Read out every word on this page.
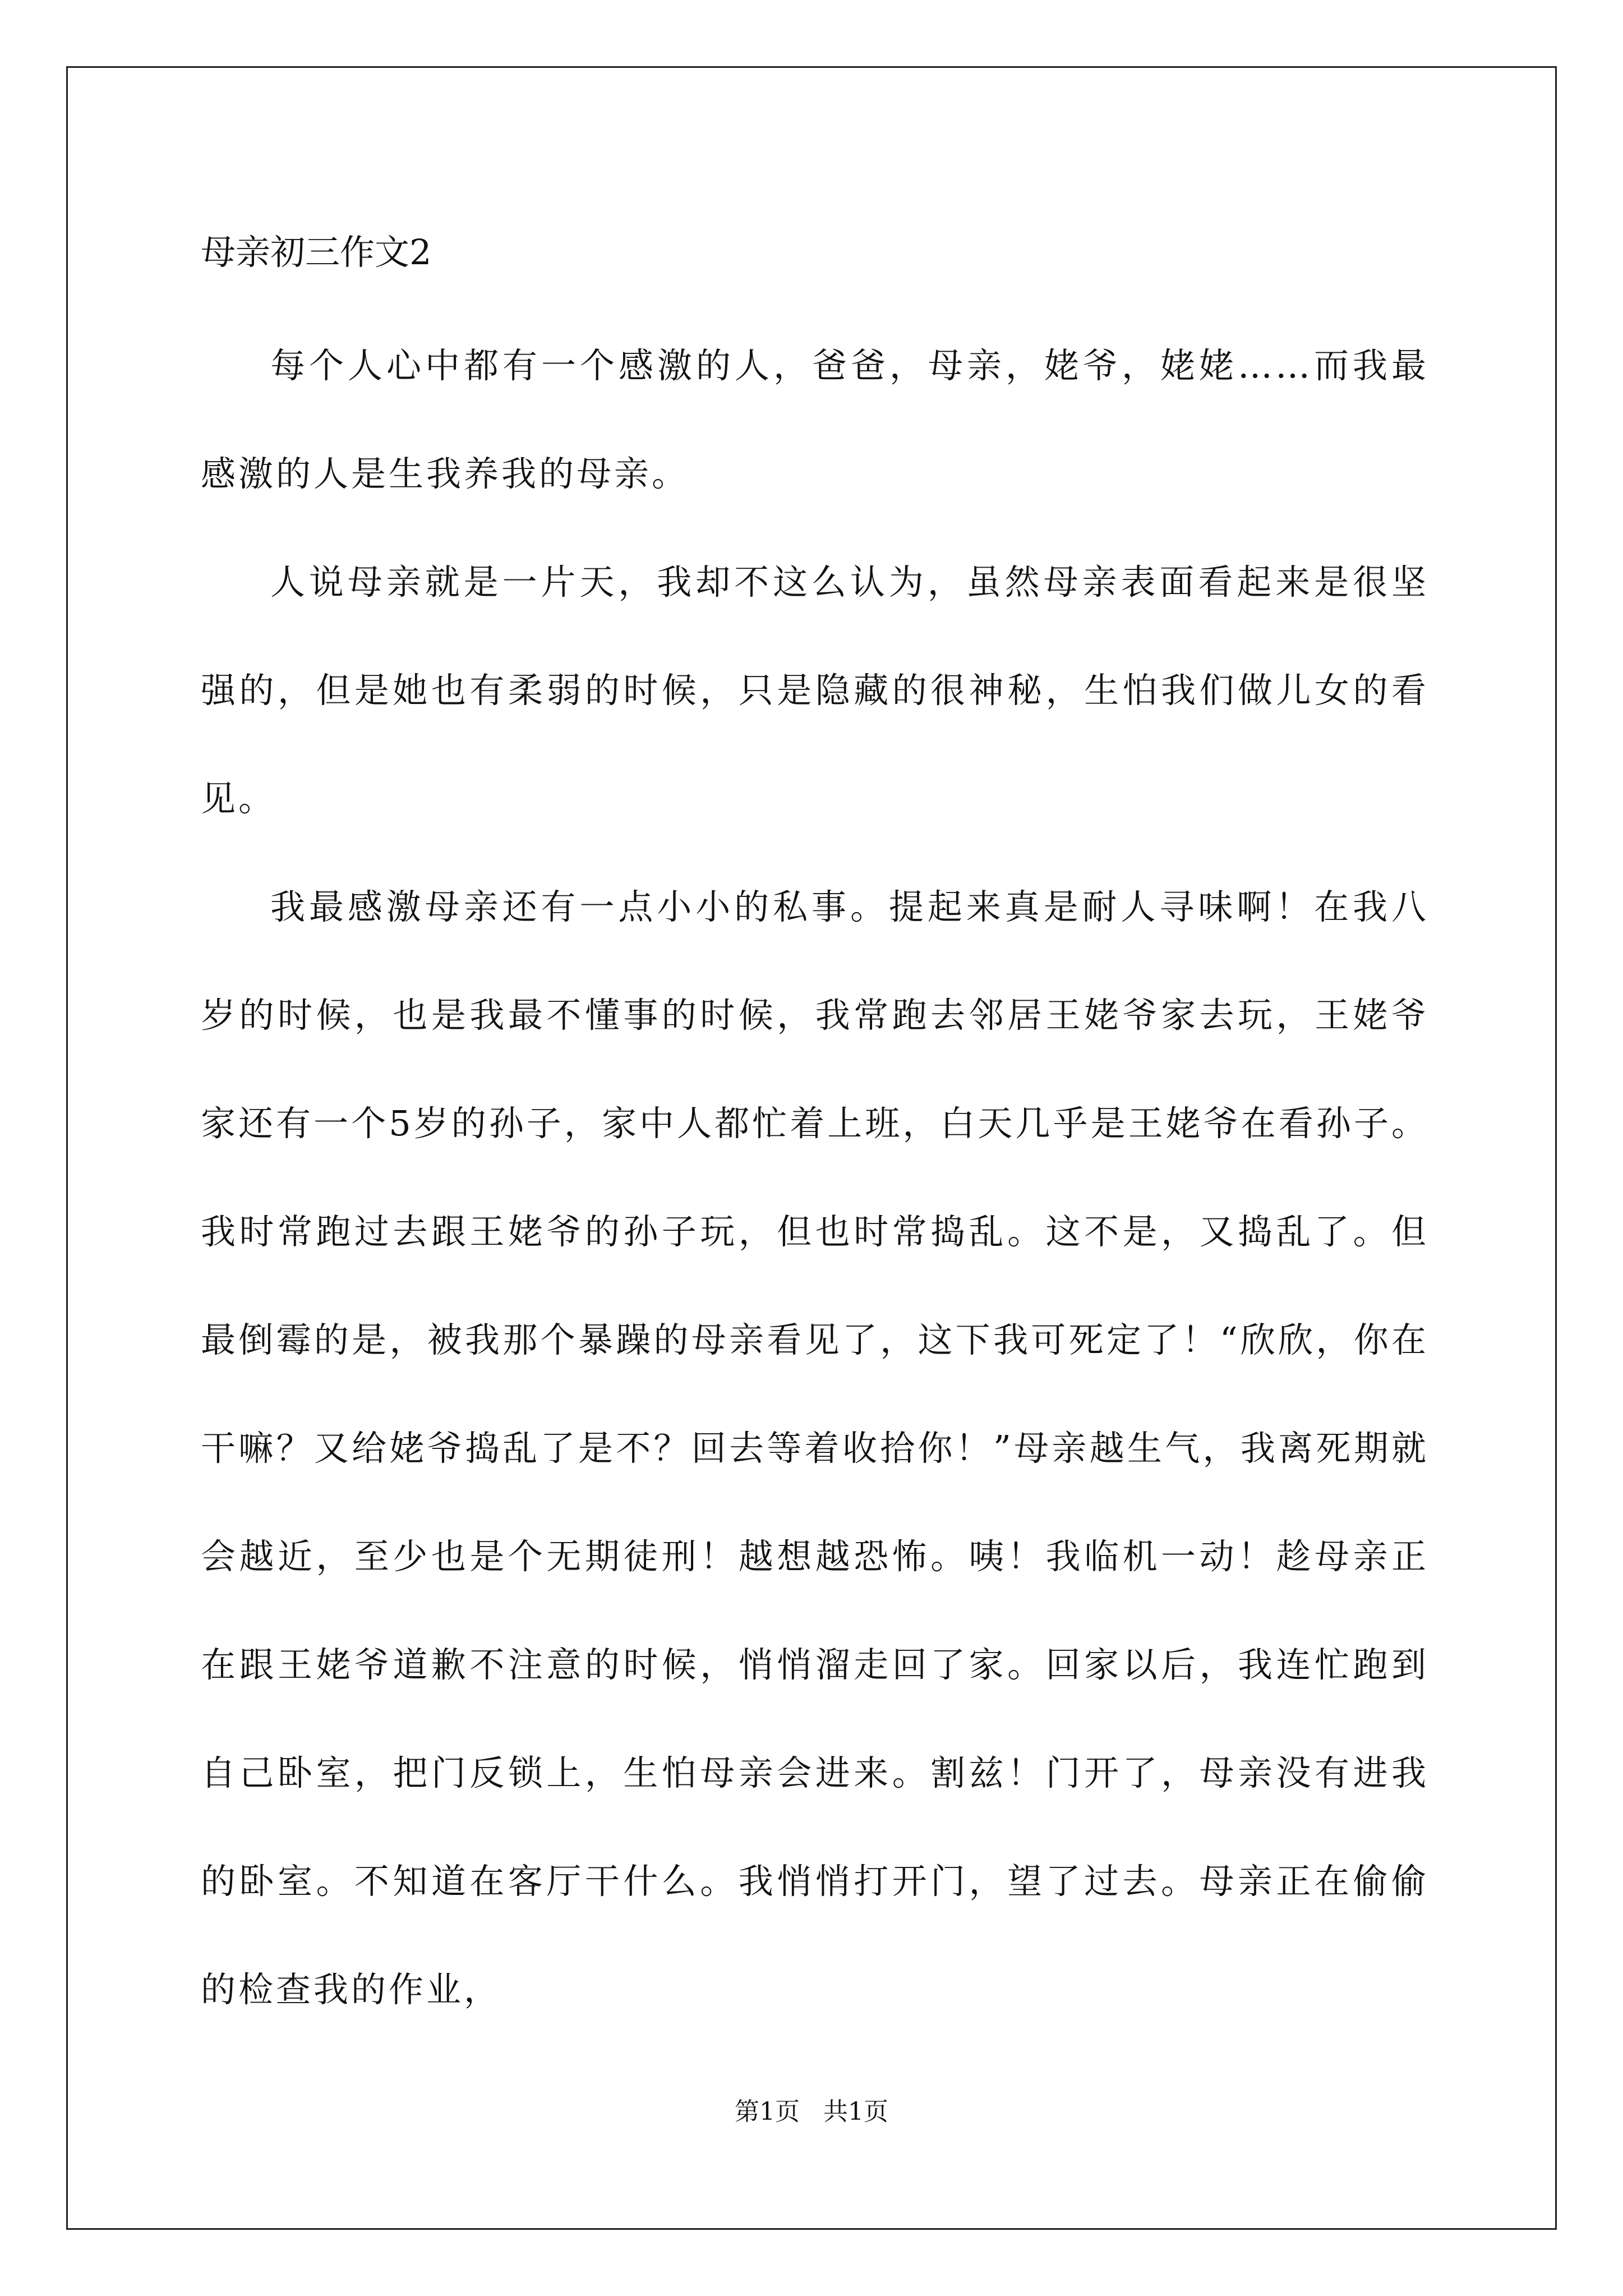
母亲初三作文2

每个人心中都有一个感激的人，爸爸，母亲，姥爷，姥姥……而我最感激的人是生我养我的母亲。

人说母亲就是一片天，我却不这么认为，虽然母亲表面看起来是很坚强的，但是她也有柔弱的时候，只是隐藏的很神秘，生怕我们做儿女的看见。

我最感激母亲还有一点小小的私事。提起来真是耐人寻味啊！在我八岁的时候，也是我最不懂事的时候，我常跑去邻居王姥爷家去玩，王姥爷家还有一个5岁的孙子，家中人都忙着上班，白天几乎是王姥爷在看孙子。我时常跑过去跟王姥爷的孙子玩，但也时常捣乱。这不是，又捣乱了。但最倒霉的是，被我那个暴躁的母亲看见了，这下我可死定了！“欣欣，你在干嘛？又给姥爷捣乱了是不？回去等着收拾你！”母亲越生气，我离死期就会越近，至少也是个无期徒刑！越想越恐怖。咦！我临机一动！趁母亲正在跟王姥爷道歉不注意的时候，悄悄溜走回了家。回家以后，我连忙跑到自己卧室，把门反锁上，生怕母亲会进来。割兹！门开了，母亲没有进我的卧室。不知道在客厅干什么。我悄悄打开门，望了过去。母亲正在偷偷的检查我的作业，

第1页   共1页
